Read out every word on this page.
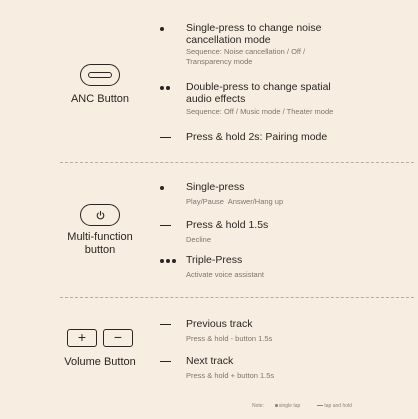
ANC Button
Single-press to change noise cancellation mode
Sequence: Noise cancellation / Off / Transparency mode
Double-press to change spatial audio effects
Sequence: Off / Music mode / Theater mode
Press & hold 2s: Pairing mode
Multi-function button
Single-press
Play/Pause  Answer/Hang up
Press & hold 1.5s
Decline
Triple-Press
Activate voice assistant
+	−
Volume Button
Previous track
Press & hold - button 1.5s
Next track
Press & hold + button 1.5s
Note:	single tap	tap and hold
